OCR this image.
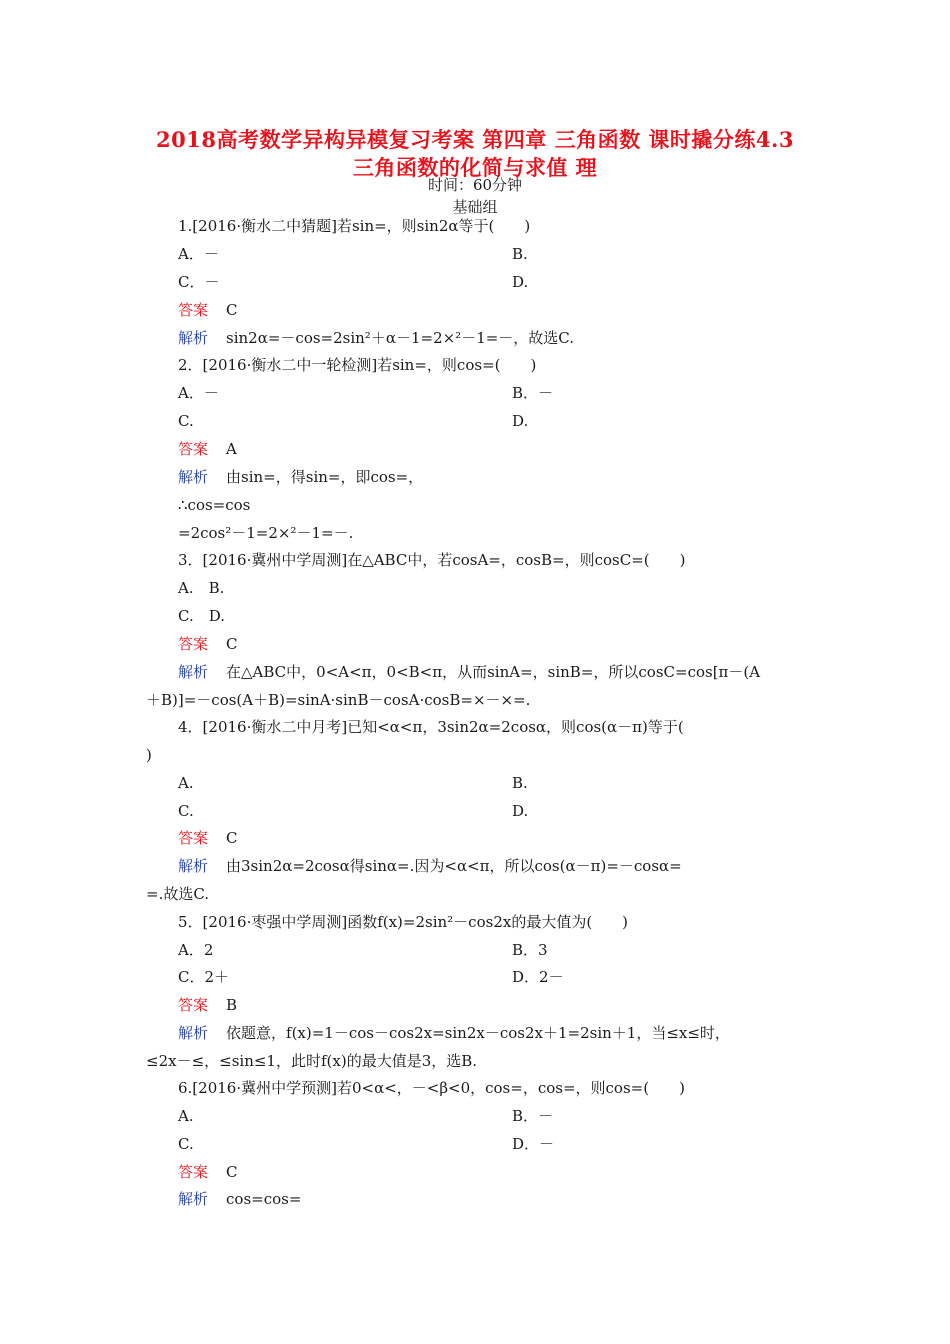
2018高考数学异构异模复习考案 第四章 三角函数 课时撬分练4.3
三角函数的化简与求值 理
时间：60分钟
基础组
1.[2016·衡水二中猜题]若sin=，则sin2α等于(　　)
A．－	B.
C．－	D.
答案 C
解析 sin2α=－cos=2sin²＋α－1=2×²－1=－，故选C.
2．[2016·衡水二中一轮检测]若sin=，则cos=(　　)
A．－	B．－
C.	D.
答案 A
解析 由sin=，得sin=，即cos=，
∴cos=cos
=2cos²－1=2×²－1=－.
3．[2016·冀州中学周测]在△ABC中，若cosA=，cosB=，则cosC=(　　)
A.　B.
C.　D.
答案 C
解析 在△ABC中，0<A<π，0<B<π，从而sinA=，sinB=，所以cosC=cos[π－(A
＋B)]=－cos(A＋B)=sinA·sinB－cosA·cosB=×－×=.
4．[2016·衡水二中月考]已知<α<π，3sin2α=2cosα，则cos(α－π)等于(
)
A.	B.
C.	D.
答案 C
解析 由3sin2α=2cosα得sinα=.因为<α<π，所以cos(α－π)=－cosα=
=.故选C.
5．[2016·枣强中学周测]函数f(x)=2sin²－cos2x的最大值为(　　)
A．2	B．3
C．2＋	D．2－
答案 B
解析 依题意，f(x)=1－cos－cos2x=sin2x－cos2x＋1=2sin＋1，当≤x≤时，
≤2x－≤，≤sin≤1，此时f(x)的最大值是3，选B.
6.[2016·冀州中学预测]若0<α<，－<β<0，cos=，cos=，则cos=(　　)
A.	B．－
C.	D．－
答案 C
解析 cos=cos=
